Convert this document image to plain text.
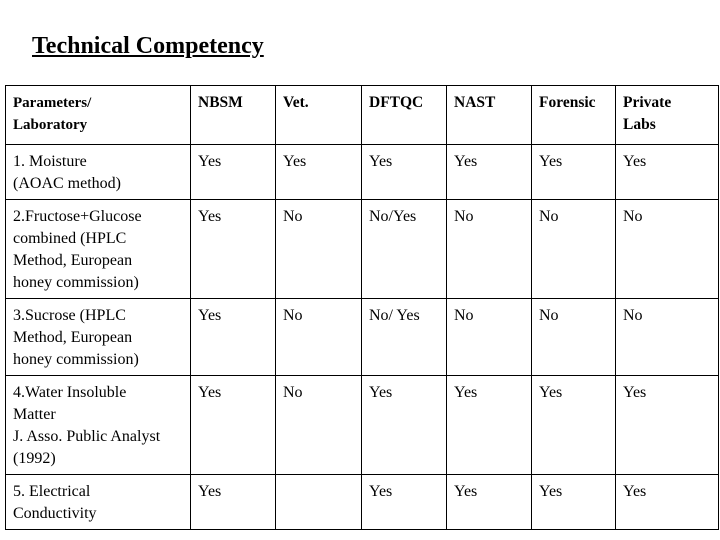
Technical Competency
Parameters/
Laboratory	NBSM	Vet.	DFTQC	NAST	Forensic	Private
Labs

1. Moisture
(AOAC method)	Yes	Yes	Yes	Yes	Yes	Yes

2.Fructose+Glucose
combined (HPLC
Method, European
honey commission)	Yes	No	No/Yes	No	No	No

3.Sucrose (HPLC
Method, European
honey commission)	Yes	No	No/ Yes	No	No	No

4.Water Insoluble
Matter
J. Asso. Public Analyst
(1992)	Yes	No	Yes	Yes	Yes	Yes

5. Electrical
Conductivity	Yes		Yes	Yes	Yes	Yes
